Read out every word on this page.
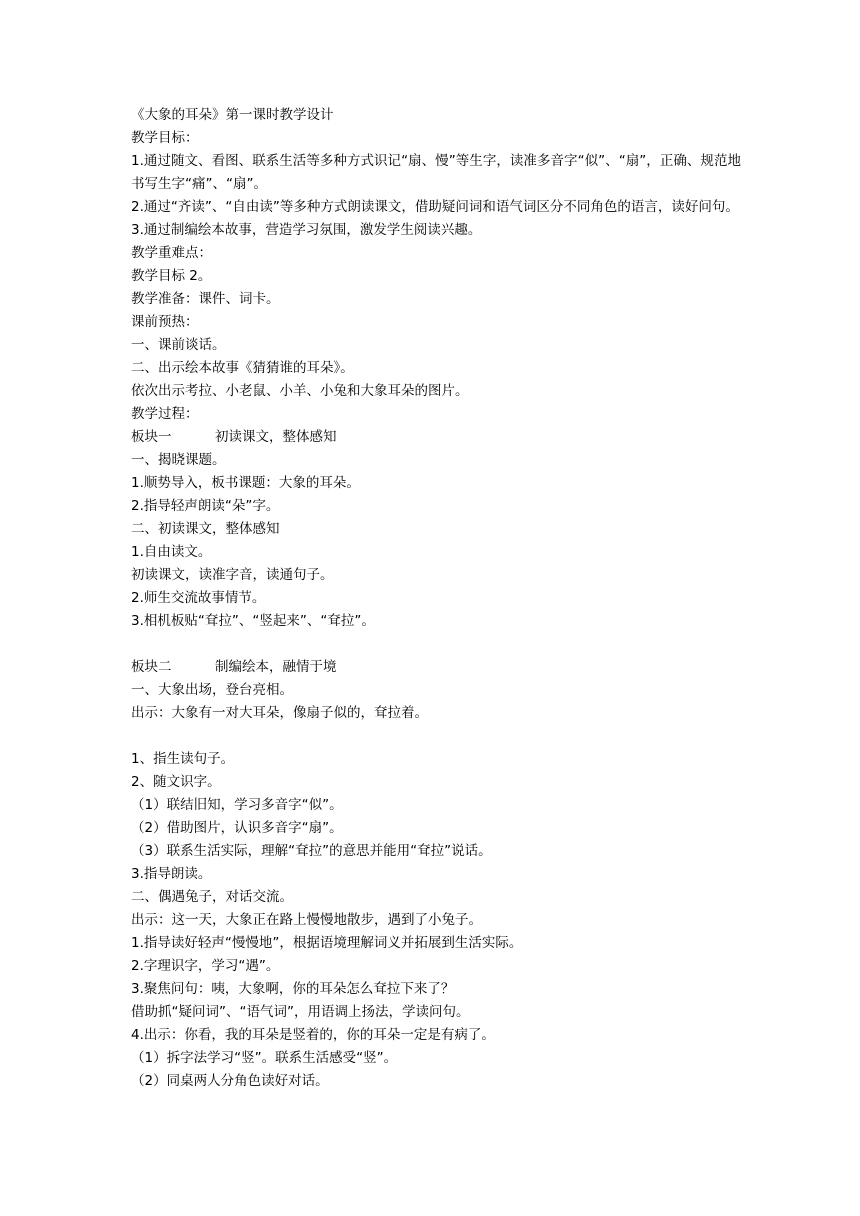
《大象的耳朵》第一课时教学设计
教学目标：
1.通过随文、看图、联系生活等多种方式识记“扇、慢”等生字，读准多音字“似”、“扇”，正确、规范地书写生字“痛”、“扇”。
2.通过“齐读”、“自由读”等多种方式朗读课文，借助疑问词和语气词区分不同角色的语言，读好问句。
3.通过制编绘本故事，营造学习氛围，激发学生阅读兴趣。
教学重难点：
教学目标 2。
教学准备：课件、词卡。
课前预热：
一、课前谈话。
二、出示绘本故事《猜猜谁的耳朵》。
依次出示考拉、小老鼠、小羊、小兔和大象耳朵的图片。
教学过程：
板块一	初读课文，整体感知
一、揭晓课题。
1.顺势导入，板书课题：大象的耳朵。
2.指导轻声朗读“朵”字。
二、初读课文，整体感知
1.自由读文。
初读课文，读准字音，读通句子。
2.师生交流故事情节。
3.相机板贴“耷拉”、“竖起来”、“耷拉”。
板块二	制编绘本，融情于境
一、大象出场，登台亮相。
出示：大象有一对大耳朵，像扇子似的，耷拉着。
1、指生读句子。
2、随文识字。
（1）联结旧知，学习多音字“似”。
（2）借助图片，认识多音字“扇”。
（3）联系生活实际，理解“耷拉”的意思并能用“耷拉”说话。
3.指导朗读。
二、偶遇兔子，对话交流。
出示：这一天，大象正在路上慢慢地散步，遇到了小兔子。
1.指导读好轻声“慢慢地”，根据语境理解词义并拓展到生活实际。
2.字理识字，学习“遇”。
3.聚焦问句：咦，大象啊，你的耳朵怎么耷拉下来了？
借助抓“疑问词”、“语气词”，用语调上扬法，学读问句。
4.出示：你看，我的耳朵是竖着的，你的耳朵一定是有病了。
（1）拆字法学习“竖”。联系生活感受“竖”。
（2）同桌两人分角色读好对话。
